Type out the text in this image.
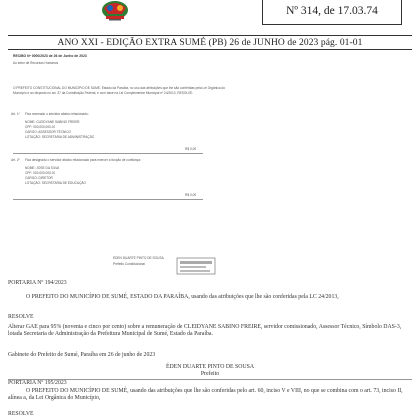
Nº 314, de 17.03.74
ANO XXI - EDIÇÃO EXTRA SUMÉ (PB) 26 de JUNHO de 2023 pág. 01-01
RECIBO Nº 0000/2023 de 26 de Junho de 2023
Ao setor de Recursos Humanos
O PREFEITO CONSTITUCIONAL DO MUNICÍPIO DE SUMÉ, Estado da Paraíba, no uso das atribuições que lhe são conferidas pela Lei Orgânica do
Município e ao disposto no art. 37 da Constituição Federal, e com base na Lei Complementar Municipal nº 24/2013, RESOLVE:
Art. 1º Fica nomeado o servidor abaixo relacionado:
NOME: CLEIDYANE SABINO FREIRE
CPF: 000.000.000-00
CARGO: ASSESSOR TÉCNICO
LOTAÇÃO: SECRETARIA DE ADMINISTRAÇÃO
R$ 0,00
Art. 2º Fica designado o servidor abaixo relacionado para exercer a função de confiança:
NOME: JOSÉ DA SILVA
CPF: 000.000.000-00
CARGO: DIRETOR
LOTAÇÃO: SECRETARIA DE EDUCAÇÃO
R$ 0,00
ÉDEN DUARTE PINTO DE SOUSA
Prefeito Constitucional
PORTARIA Nº 194/2023

O PREFEITO DO MUNICÍPIO DE SUMÉ, ESTADO DA PARAÍBA, usando das atribuições que lhe são conferidas pela LC 24/2013,

RESOLVE

Alterar GAE para 95% (noventa e cinco por cento) sobre a remuneração de CLEIDYANE SABINO FREIRE, servidor comissionado, Assessor Técnico, Símbolo DAS-3, lotada Secretaria de Administração da Prefeitura Municipal de Sumé, Estado da Paraíba.

Gabinete do Prefeito de Sumé, Paraíba em 26 de junho de 2023
ÉDEN DUARTE PINTO DE SOUSA
Prefeito
PORTARIA Nº 195/2023

O PREFEITO DO MUNICÍPIO DE SUMÉ, usando das atribuições que lhe são conferidas pelo art. 60, inciso V e VIII, no que se combina com o art. 73, inciso II, alínea a, da Lei Orgânica do Município,

RESOLVE
